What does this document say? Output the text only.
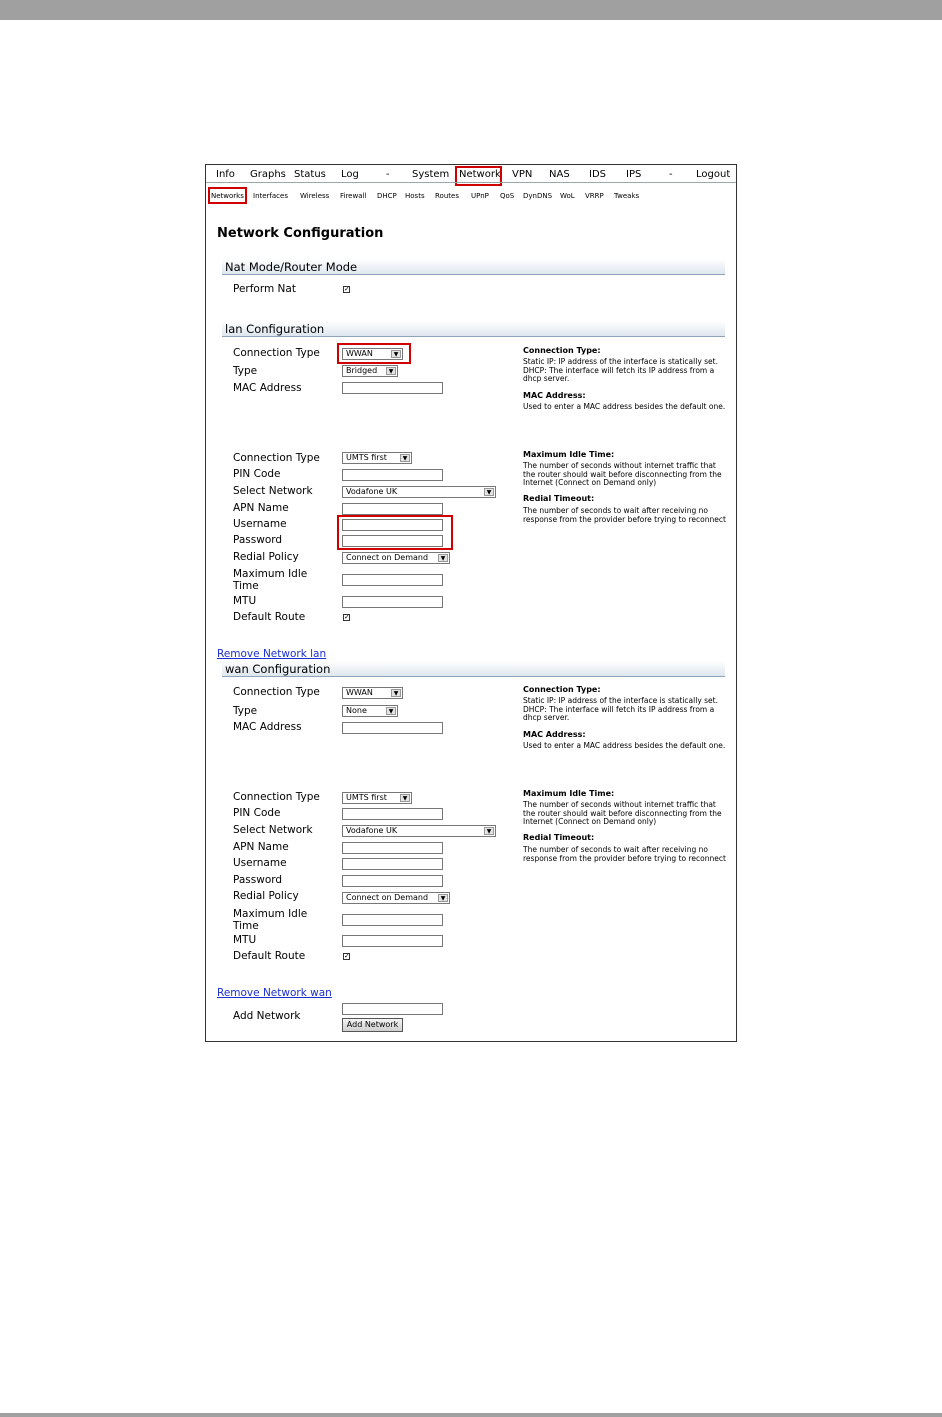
Info Graphs Status Log	- System Network VPN NAS IDS IPS	- Logout
Networks Interfaces Wireless Firewall DHCP Hosts Routes UPnP QoS DynDNS WoL VRRP Tweaks
Network Configuration
Nat Mode/Router Mode
Perform Nat	✓
lan Configuration
Connection Type	WWAN	▼
Type	Bridged	▼
MAC Address
Connection Type	UMTS first	▼
PIN Code
Select Network	Vodafone UK	▼
APN Name
Username
Password
Redial Policy	Connect on Demand	▼
Maximum Idle Time
MTU
Default Route	✓
Connection Type:
Static IP: IP address of the interface is statically set. DHCP: The interface will fetch its IP address from a dhcp server.
MAC Address:
Used to enter a MAC address besides the default one.
Maximum Idle Time:
The number of seconds without internet traffic that the router should wait before disconnecting from the Internet (Connect on Demand only)
Redial Timeout:
The number of seconds to wait after receiving no response from the provider before trying to reconnect
Remove Network lan
wan Configuration
Connection Type	WWAN	▼
Type	None	▼
MAC Address
Connection Type	UMTS first	▼
PIN Code
Select Network	Vodafone UK	▼
APN Name
Username
Password
Redial Policy	Connect on Demand	▼
Maximum Idle Time
MTU
Default Route	✓
Connection Type:
Static IP: IP address of the interface is statically set. DHCP: The interface will fetch its IP address from a dhcp server.
MAC Address:
Used to enter a MAC address besides the default one.
Maximum Idle Time:
The number of seconds without internet traffic that the router should wait before disconnecting from the Internet (Connect on Demand only)
Redial Timeout:
The number of seconds to wait after receiving no response from the provider before trying to reconnect
Remove Network wan
Add Network
Add Network
